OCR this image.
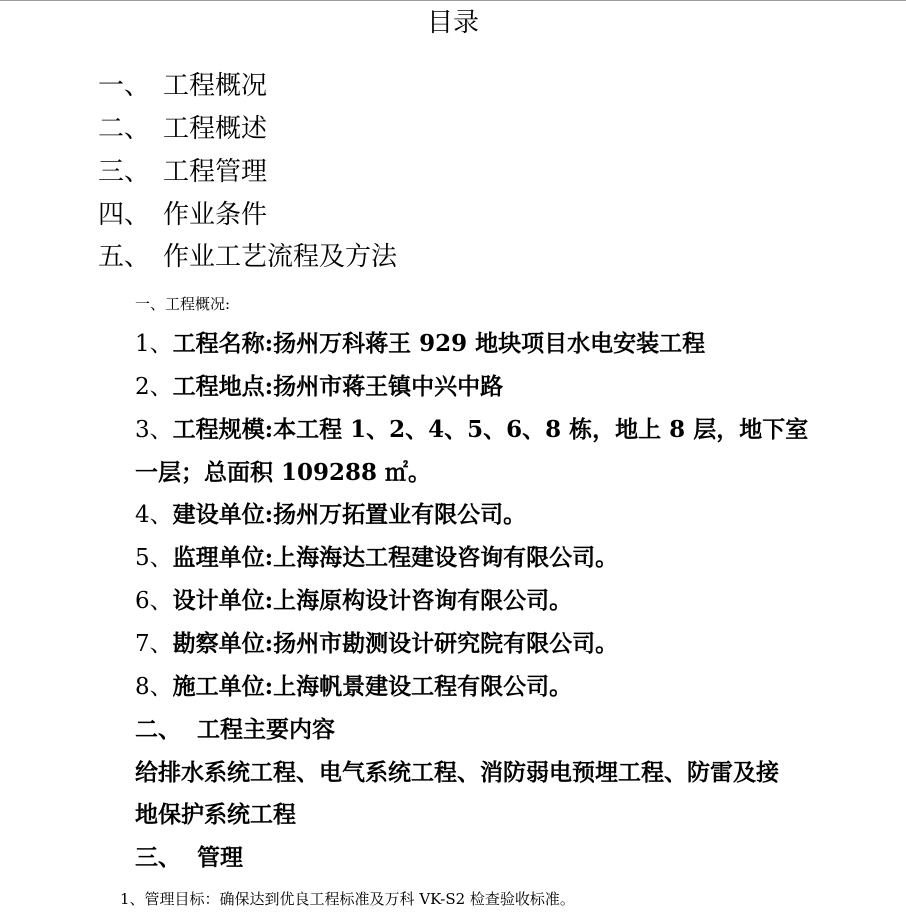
目录
一、 工程概况
二、 工程概述
三、 工程管理
四、 作业条件
五、 作业工艺流程及方法
一、工程概况:
1、工程名称:扬州万科蒋王 929 地块项目水电安装工程
2、工程地点:扬州市蒋王镇中兴中路
3、工程规模:本工程 1、2、4、5、6、8 栋，地上 8 层，地下室
一层；总面积 109288 ㎡。
4、建设单位:扬州万拓置业有限公司。
5、监理单位:上海海达工程建设咨询有限公司。
6、设计单位:上海原构设计咨询有限公司。
7、勘察单位:扬州市勘测设计研究院有限公司。
8、施工单位:上海帆景建设工程有限公司。
二、 工程主要内容
给排水系统工程、电气系统工程、消防弱电预埋工程、防雷及接
地保护系统工程
三、 管理
1、管理目标：确保达到优良工程标准及万科 VK-S2 检查验收标准。
